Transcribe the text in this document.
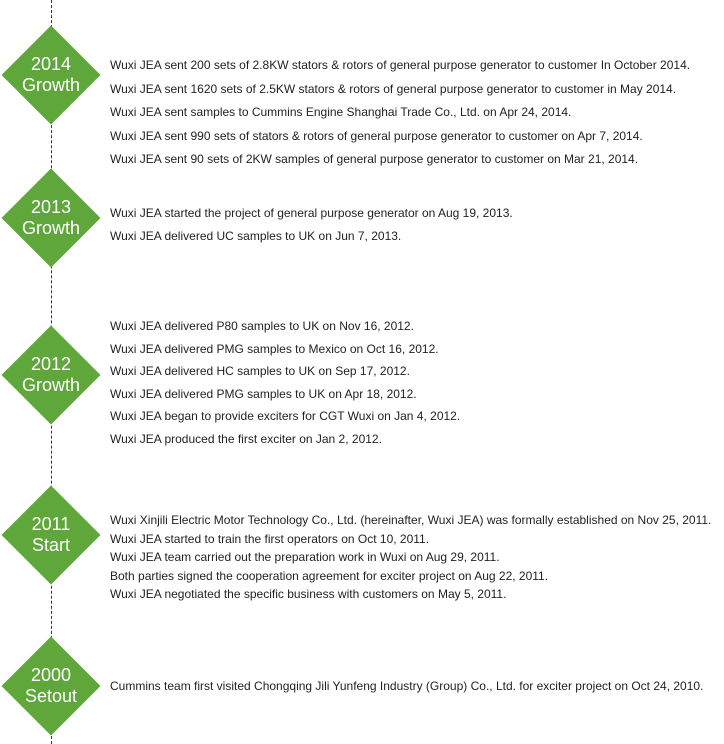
2014
Growth
Wuxi JEA sent 200 sets of 2.8KW stators & rotors of general purpose generator to customer In October 2014.
Wuxi JEA sent 1620 sets of 2.5KW stators & rotors of general purpose generator to customer in May 2014.
Wuxi JEA sent samples to Cummins Engine Shanghai Trade Co., Ltd. on Apr 24, 2014.
Wuxi JEA sent 990 sets of stators & rotors of general purpose generator to customer on Apr 7, 2014.
Wuxi JEA sent 90 sets of 2KW samples of general purpose generator to customer on Mar 21, 2014.
2013
Growth
Wuxi JEA started the project of general purpose generator on Aug 19, 2013.
Wuxi JEA delivered UC samples to UK on Jun 7, 2013.
2012
Growth
Wuxi JEA delivered P80 samples to UK on Nov 16, 2012.
Wuxi JEA delivered PMG samples to Mexico on Oct 16, 2012.
Wuxi JEA delivered HC samples to UK on Sep 17, 2012.
Wuxi JEA delivered PMG samples to UK on Apr 18, 2012.
Wuxi JEA began to provide exciters for CGT Wuxi on Jan 4, 2012.
Wuxi JEA produced the first exciter on Jan 2, 2012.
2011
Start
Wuxi Xinjili Electric Motor Technology Co., Ltd. (hereinafter, Wuxi JEA) was formally established on Nov 25, 2011.
Wuxi JEA started to train the first operators on Oct 10, 2011.
Wuxi JEA team carried out the preparation work in Wuxi on Aug 29, 2011.
Both parties signed the cooperation agreement for exciter project on Aug 22, 2011.
Wuxi JEA negotiated the specific business with customers on May 5, 2011.
2000
Setout	Cummins team first visited Chongqing Jili Yunfeng Industry (Group) Co., Ltd. for exciter project on Oct 24, 2010.
